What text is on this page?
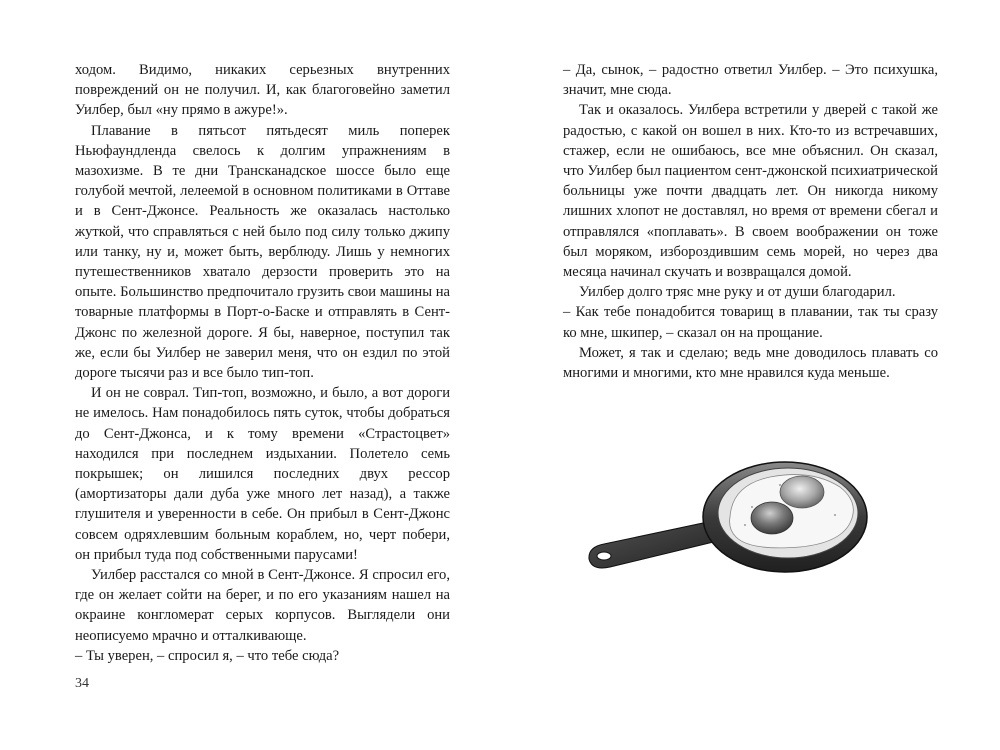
ходом. Видимо, никаких серьезных внутренних повреждений он не получил. И, как благоговейно заметил Уилбер, был «ну прямо в ажуре!».

Плавание в пятьсот пятьдесят миль поперек Ньюфаундленда свелось к долгим упражнениям в мазохизме. В те дни Трансканадское шоссе было еще голубой мечтой, лелеемой в основном политиками в Оттаве и в Сент-Джонсе. Реальность же оказалась настолько жуткой, что справляться с ней было под силу только джипу или танку, ну и, может быть, верблюду. Лишь у немногих путешественников хватало дерзости проверить это на опыте. Большинство предпочитало грузить свои машины на товарные платформы в Порт-о-Баске и отправлять в Сент-Джонс по железной дороге. Я бы, наверное, поступил так же, если бы Уилбер не заверил меня, что он ездил по этой дороге тысячи раз и все было тип-топ.

И он не соврал. Тип-топ, возможно, и было, а вот дороги не имелось. Нам понадобилось пять суток, чтобы добраться до Сент-Джонса, и к тому времени «Страстоцвет» находился при последнем издыхании. Полетело семь покрышек; он лишился последних двух рессор (амортизаторы дали дуба уже много лет назад), а также глушителя и уверенности в себе. Он прибыл в Сент-Джонс совсем одряхлевшим больным кораблем, но, черт побери, он прибыл туда под собственными парусами!

Уилбер расстался со мной в Сент-Джонсе. Я спросил его, где он желает сойти на берег, и по его указаниям нашел на окраине конгломерат серых корпусов. Выглядели они неописуемо мрачно и отталкивающе.

– Ты уверен, – спросил я, – что тебе сюда?

34

– Да, сынок, – радостно ответил Уилбер. – Это психушка, значит, мне сюда.

Так и оказалось. Уилбера встретили у дверей с такой же радостью, с какой он вошел в них. Кто-то из встречавших, стажер, если не ошибаюсь, все мне объяснил. Он сказал, что Уилбер был пациентом сент-джонской психиатрической больницы уже почти двадцать лет. Он никогда никому лишних хлопот не доставлял, но время от времени сбегал и отправлялся «поплавать». В своем воображении он тоже был моряком, избороздившим семь морей, но через два месяца начинал скучать и возвращался домой.

Уилбер долго тряс мне руку и от души благодарил.

– Как тебе понадобится товарищ в плавании, так ты сразу ко мне, шкипер, – сказал он на прощание.

Может, я так и сделаю; ведь мне доводилось плавать со многими и многими, кто мне нравился куда меньше.
